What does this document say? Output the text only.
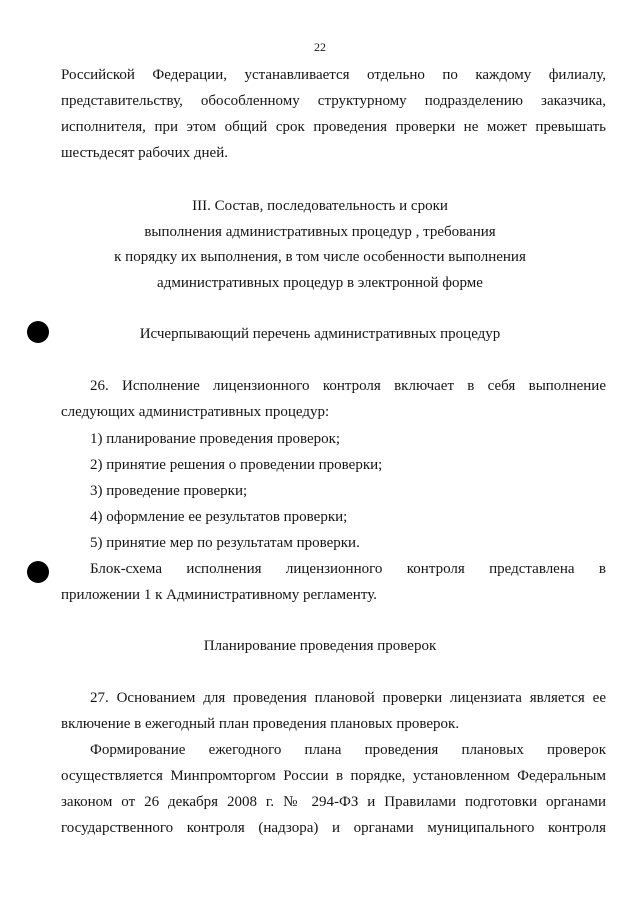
22
Российской Федерации, устанавливается отдельно по каждому филиалу,
представительству, обособленному структурному подразделению заказчика,
исполнителя, при этом общий срок проведения проверки не может превышать
шестьдесят рабочих дней.
III. Состав, последовательность и сроки
выполнения административных процедур , требования
к порядку их выполнения, в том числе особенности выполнения
административных процедур в электронной форме
Исчерпывающий перечень административных процедур
26. Исполнение лицензионного контроля включает в себя выполнение
следующих административных процедур:
1) планирование проведения проверок;
2) принятие решения о проведении проверки;
3) проведение проверки;
4) оформление ее результатов проверки;
5) принятие мер по результатам проверки.
Блок-схема исполнения лицензионного контроля представлена в
приложении 1 к Административному регламенту.
Планирование проведения проверок
27. Основанием для проведения плановой проверки лицензиата является ее
включение в ежегодный план проведения плановых проверок.
Формирование ежегодного плана проведения плановых проверок
осуществляется Минпромторгом России в порядке, установленном Федеральным
законом от 26 декабря 2008 г. № 294-ФЗ и Правилами подготовки органами
государственного контроля (надзора) и органами муниципального контроля
